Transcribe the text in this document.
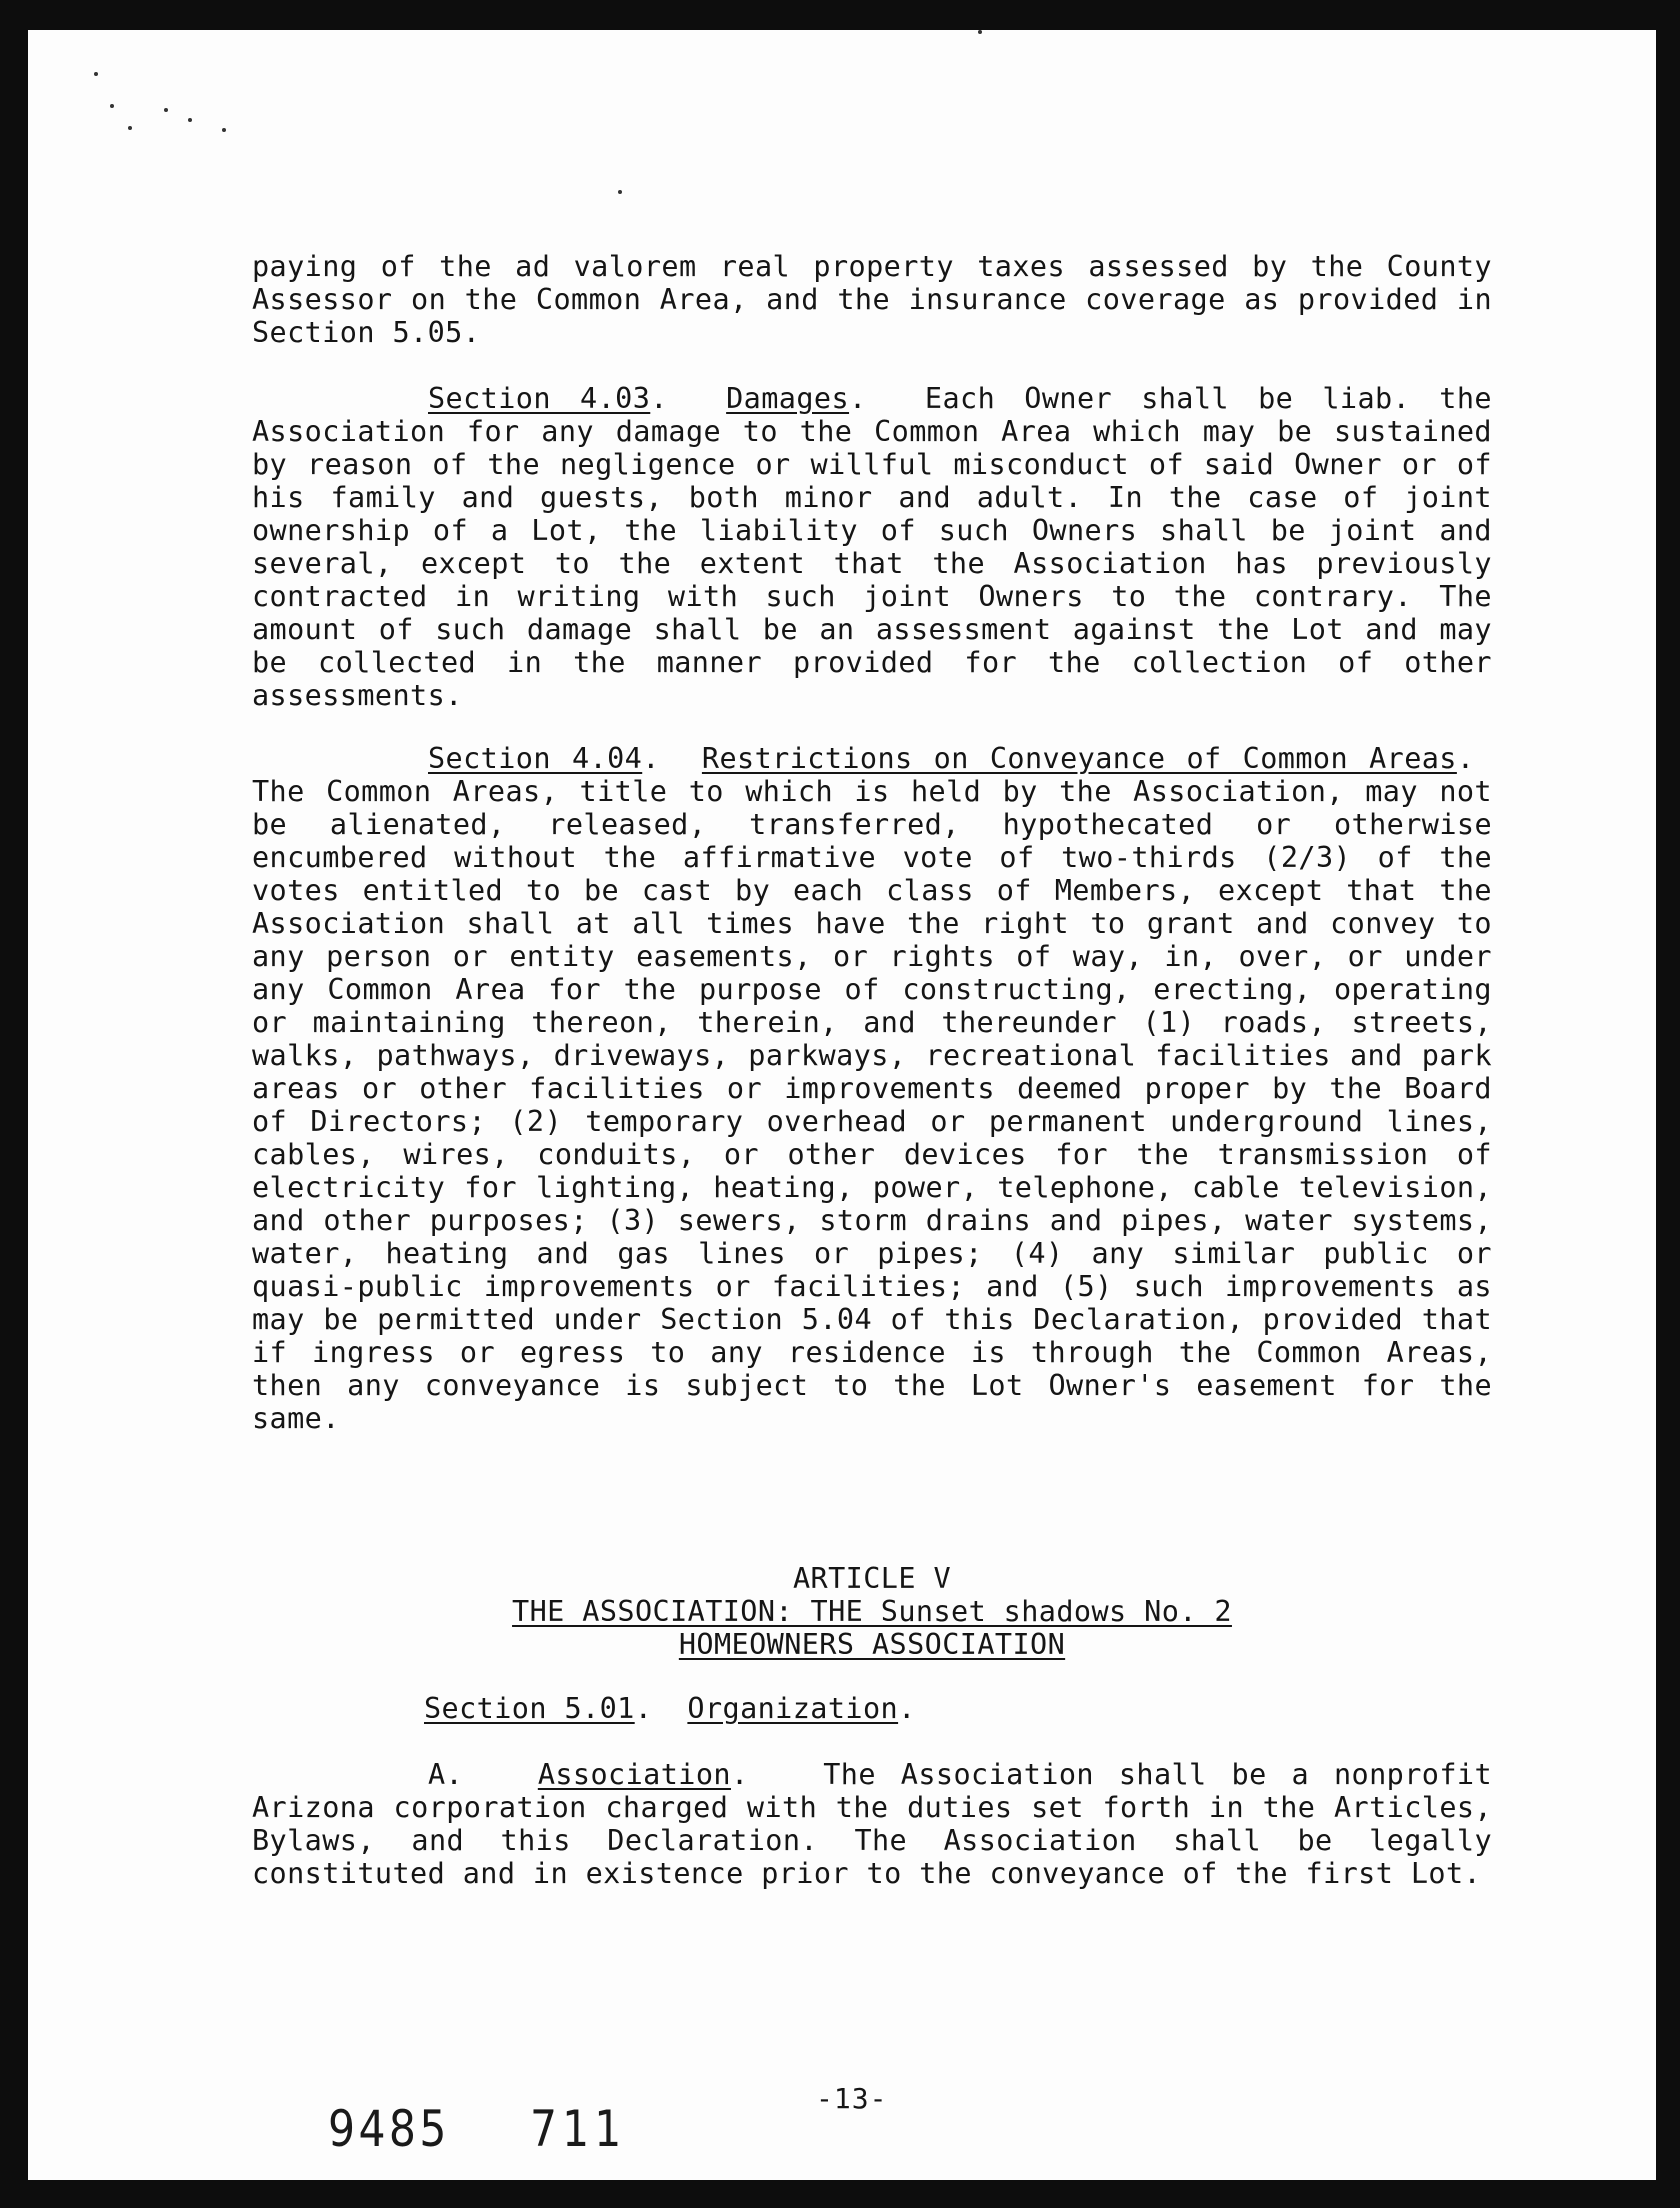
paying of the ad valorem real property taxes assessed by the County Assessor on the Common Area, and the insurance coverage as provided in Section 5.05.

Section 4.03.  Damages.  Each Owner shall be liab. the Association for any damage to the Common Area which may be sustained by reason of the negligence or willful misconduct of said Owner or of his family and guests, both minor and adult. In the case of joint ownership of a Lot, the liability of such Owners shall be joint and several, except to the extent that the Association has previously contracted in writing with such joint Owners to the contrary. The amount of such damage shall be an assessment against the Lot and may be collected in the manner provided for the collection of other assessments.

Section 4.04.  Restrictions on Conveyance of Common Areas.  The Common Areas, title to which is held by the Association, may not be alienated, released, transferred, hypothecated or otherwise encumbered without the affirmative vote of two-thirds (2/3) of the votes entitled to be cast by each class of Members, except that the Association shall at all times have the right to grant and convey to any person or entity easements, or rights of way, in, over, or under any Common Area for the purpose of constructing, erecting, operating or maintaining thereon, therein, and thereunder (1) roads, streets, walks, pathways, driveways, parkways, recreational facilities and park areas or other facilities or improvements deemed proper by the Board of Directors; (2) temporary overhead or permanent underground lines, cables, wires, conduits, or other devices for the transmission of electricity for lighting, heating, power, telephone, cable television, and other purposes; (3) sewers, storm drains and pipes, water systems, water, heating and gas lines or pipes; (4) any similar public or quasi-public improvements or facilities; and (5) such improvements as may be permitted under Section 5.04 of this Declaration, provided that if ingress or egress to any residence is through the Common Areas, then any conveyance is subject to the Lot Owner's easement for the same.

ARTICLE V
THE ASSOCIATION: THE Sunset shadows No. 2
HOMEOWNERS ASSOCIATION
Section 5.01.  Organization.

A.	Association.   The Association shall be a nonprofit Arizona corporation charged with the duties set forth in the Articles, Bylaws, and this Declaration. The Association shall be legally constituted and in existence prior to the conveyance of the first Lot.

-13-
9485 711
